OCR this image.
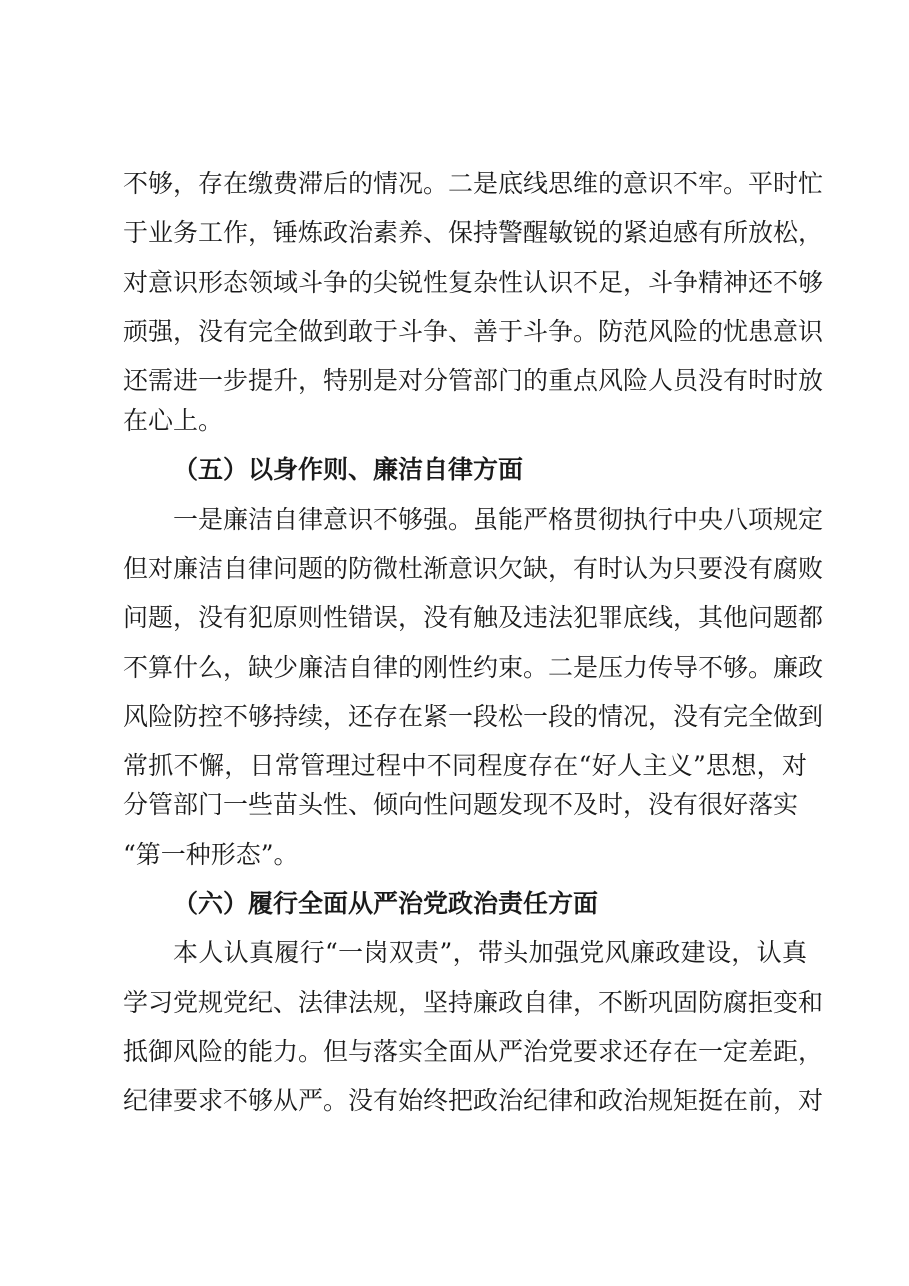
不够，存在缴费滞后的情况。二是底线思维的意识不牢。平时忙
于业务工作，锤炼政治素养、保持警醒敏锐的紧迫感有所放松，
对意识形态领域斗争的尖锐性复杂性认识不足，斗争精神还不够
顽强，没有完全做到敢于斗争、善于斗争。防范风险的忧患意识
还需进一步提升，特别是对分管部门的重点风险人员没有时时放
在心上。
（五）以身作则、廉洁自律方面
一是廉洁自律意识不够强。虽能严格贯彻执行中央八项规定
但对廉洁自律问题的防微杜渐意识欠缺，有时认为只要没有腐败
问题，没有犯原则性错误，没有触及违法犯罪底线，其他问题都
不算什么，缺少廉洁自律的刚性约束。二是压力传导不够。廉政
风险防控不够持续，还存在紧一段松一段的情况，没有完全做到
常抓不懈，日常管理过程中不同程度存在“好人主义”思想，对
分管部门一些苗头性、倾向性问题发现不及时，没有很好落实
“第一种形态”。
（六）履行全面从严治党政治责任方面
本人认真履行“一岗双责”，带头加强党风廉政建设，认真
学习党规党纪、法律法规，坚持廉政自律，不断巩固防腐拒变和
抵御风险的能力。但与落实全面从严治党要求还存在一定差距，
纪律要求不够从严。没有始终把政治纪律和政治规矩挺在前，对
